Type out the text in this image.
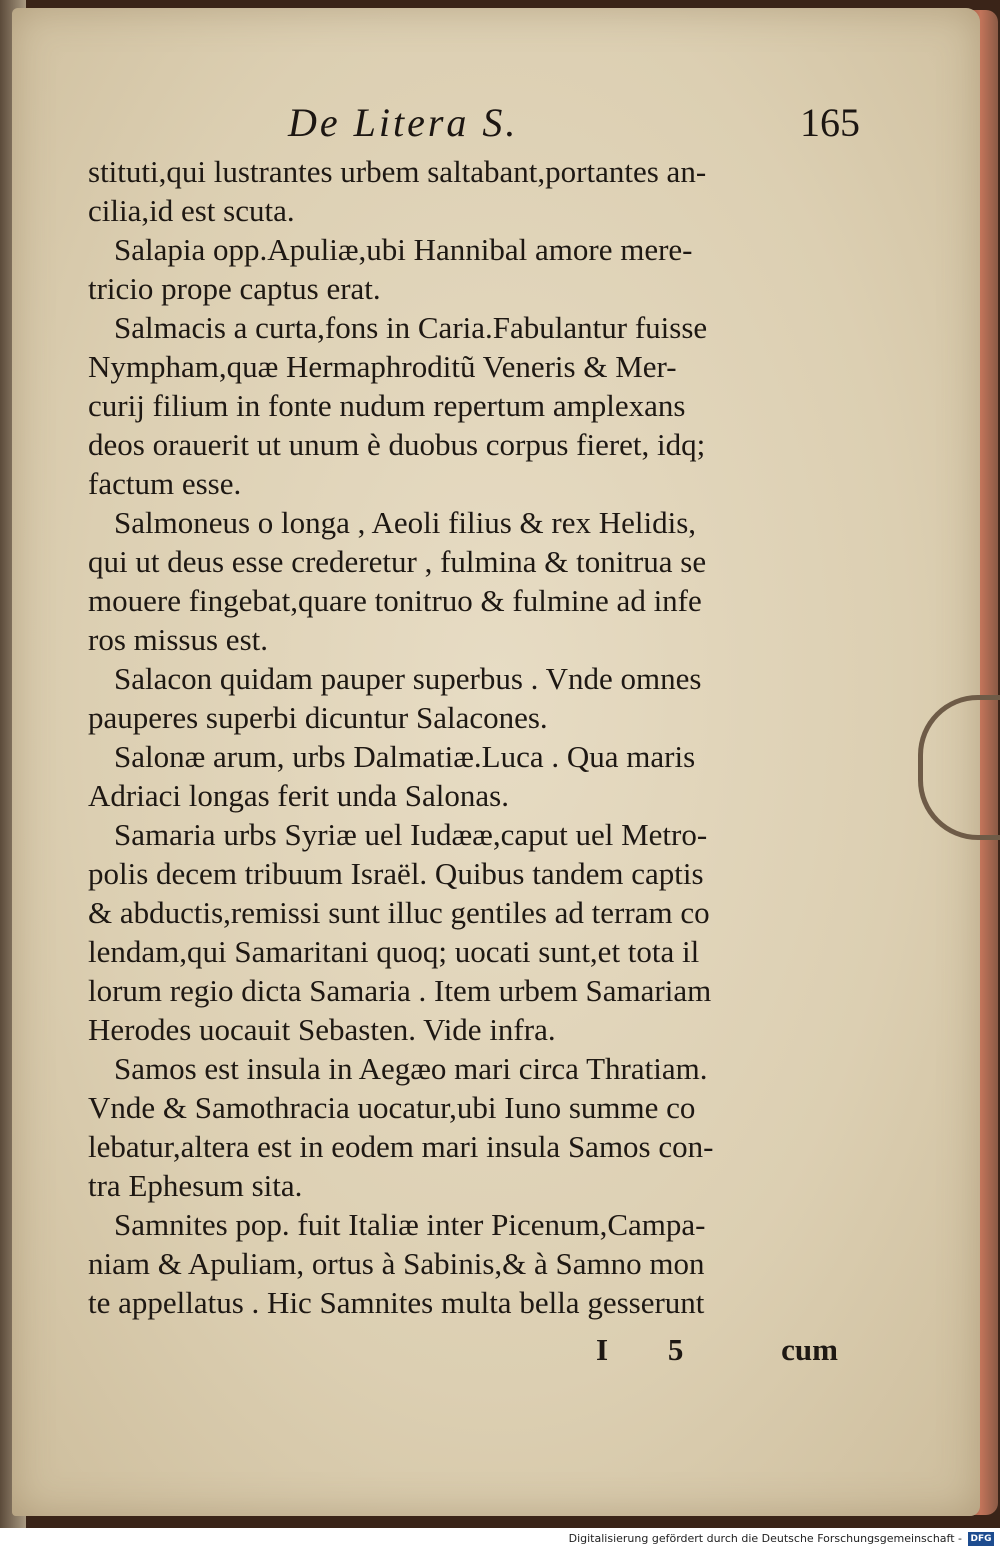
De Litera S.	165
stituti,qui lustrantes urbem saltabant,portantes an-
cilia,id est scuta.
Salapia opp.Apuliæ,ubi Hannibal amore mere-
tricio prope captus erat.
Salmacis a curta,fons in Caria.Fabulantur fuisse
Nympham,quæ Hermaphroditũ Veneris & Mer-
curij filium in fonte nudum repertum amplexans
deos orauerit ut unum è duobus corpus fieret, idq;
factum esse.
Salmoneus o longa , Aeoli filius & rex Helidis,
qui ut deus esse crederetur , fulmina & tonitrua se
mouere fingebat,quare tonitruo & fulmine ad infe
ros missus est.
Salacon quidam pauper superbus . Vnde omnes
pauperes superbi dicuntur Salacones.
Salonæ arum, urbs Dalmatiæ.Luca . Qua maris
Adriaci longas ferit unda Salonas.
Samaria urbs Syriæ uel Iudææ,caput uel Metro-
polis decem tribuum Israël. Quibus tandem captis
& abductis,remissi sunt illuc gentiles ad terram co
lendam,qui Samaritani quoq; uocati sunt,et tota il
lorum regio dicta Samaria . Item urbem Samariam
Herodes uocauit Sebasten. Vide infra.
Samos est insula in Aegæo mari circa Thratiam.
Vnde & Samothracia uocatur,ubi Iuno summe co
lebatur,altera est in eodem mari insula Samos con-
tra Ephesum sita.
Samnites pop. fuit Italiæ inter Picenum,Campa-
niam & Apuliam, ortus à Sabinis,& à Samno mon
te appellatus . Hic Samnites multa bella gesserunt
I 5 cum
Digitalisierung gefördert durch die Deutsche Forschungsgemeinschaft - DFG
